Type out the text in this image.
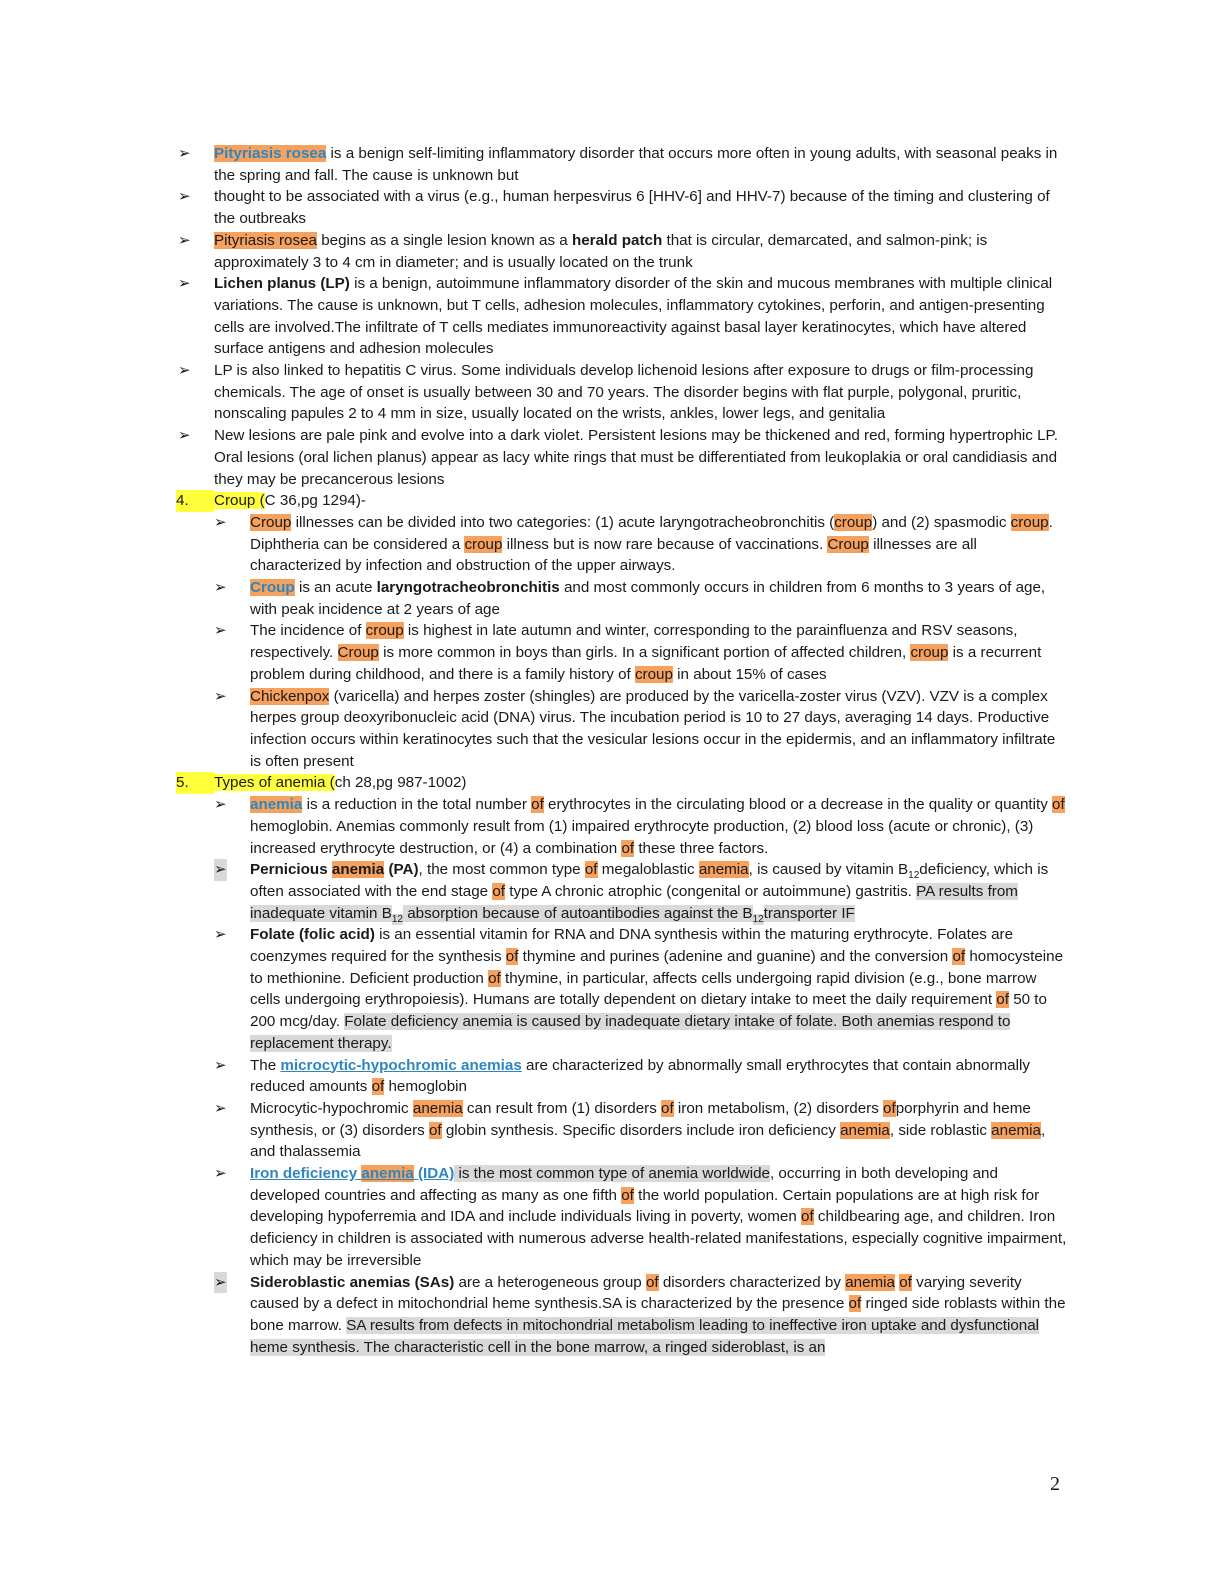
➢ Pityriasis rosea is a benign self-limiting inflammatory disorder that occurs more often in young adults, with seasonal peaks in the spring and fall. The cause is unknown but

➢ thought to be associated with a virus (e.g., human herpesvirus 6 [HHV-6] and HHV-7) because of the timing and clustering of the outbreaks

➢ Pityriasis rosea begins as a single lesion known as a herald patch that is circular, demarcated, and salmon-pink; is approximately 3 to 4 cm in diameter; and is usually located on the trunk

➢ Lichen planus (LP) is a benign, autoimmune inflammatory disorder of the skin and mucous membranes with multiple clinical variations. The cause is unknown, but T cells, adhesion molecules, inflammatory cytokines, perforin, and antigen-presenting cells are involved.The infiltrate of T cells mediates immunoreactivity against basal layer keratinocytes, which have altered surface antigens and adhesion molecules

➢ LP is also linked to hepatitis C virus. Some individuals develop lichenoid lesions after exposure to drugs or film-processing chemicals. The age of onset is usually between 30 and 70 years. The disorder begins with flat purple, polygonal, pruritic, nonscaling papules 2 to 4 mm in size, usually located on the wrists, ankles, lower legs, and genitalia

➢ New lesions are pale pink and evolve into a dark violet. Persistent lesions may be thickened and red, forming hypertrophic LP. Oral lesions (oral lichen planus) appear as lacy white rings that must be differentiated from leukoplakia or oral candidiasis and they may be precancerous lesions

4.	Croup (C 36,pg 1294)-

➢ Croup illnesses can be divided into two categories: (1) acute laryngotracheobronchitis (croup) and (2) spasmodic croup. Diphtheria can be considered a croup illness but is now rare because of vaccinations. Croup illnesses are all characterized by infection and obstruction of the upper airways.

➢ Croup is an acute laryngotracheobronchitis and most commonly occurs in children from 6 months to 3 years of age, with peak incidence at 2 years of age

➢ The incidence of croup is highest in late autumn and winter, corresponding to the parainfluenza and RSV seasons, respectively. Croup is more common in boys than girls. In a significant portion of affected children, croup is a recurrent problem during childhood, and there is a family history of croup in about 15% of cases

➢ Chickenpox (varicella) and herpes zoster (shingles) are produced by the varicella-zoster virus (VZV). VZV is a complex herpes group deoxyribonucleic acid (DNA) virus. The incubation period is 10 to 27 days, averaging 14 days. Productive infection occurs within keratinocytes such that the vesicular lesions occur in the epidermis, and an inflammatory infiltrate is often present

5.	Types of anemia (ch 28,pg 987-1002)

➢ anemia is a reduction in the total number of erythrocytes in the circulating blood or a decrease in the quality or quantity of hemoglobin. Anemias commonly result from (1) impaired erythrocyte production, (2) blood loss (acute or chronic), (3) increased erythrocyte destruction, or (4) a combination of these three factors.

➢ Pernicious anemia (PA), the most common type of megaloblastic anemia, is caused by vitamin $B_{12}deficiency$, which is often associated with the end stage of type A chronic atrophic (congenital or autoimmune) gastritis. PA results from inadequate vitamin $B_{12}$ absorption because of autoantibodies against the $B_{12}transporter$ IF

➢ Folate (folic acid) is an essential vitamin for RNA and DNA synthesis within the maturing erythrocyte. Folates are coenzymes required for the synthesis of thymine and purines (adenine and guanine) and the conversion of homocysteine to methionine. Deficient production of thymine, in particular, affects cells undergoing rapid division (e.g., bone marrow cells undergoing erythropoiesis). Humans are totally dependent on dietary intake to meet the daily requirement of 50 to 200 mcg/day. Folate deficiency anemia is caused by inadequate dietary intake of folate. Both anemias respond to replacement therapy.

➢ The microcytic-hypochromic anemias are characterized by abnormally small erythrocytes that contain abnormally reduced amounts of hemoglobin

➢ Microcytic-hypochromic anemia can result from (1) disorders of iron metabolism, (2) disorders ofporphyrin and heme synthesis, or (3) disorders of globin synthesis. Specific disorders include iron deficiency anemia, side roblastic anemia, and thalassemia

➢ Iron deficiency anemia (IDA) is the most common type of anemia worldwide, occurring in both developing and developed countries and affecting as many as one fifth of the world population. Certain populations are at high risk for developing hypoferremia and IDA and include individuals living in poverty, women of childbearing age, and children. Iron deficiency in children is associated with numerous adverse health-related manifestations, especially cognitive impairment, which may be irreversible

➢ Sideroblastic anemias (SAs) are a heterogeneous group of disorders characterized by anemia of varying severity caused by a defect in mitochondrial heme synthesis.SA is characterized by the presence of ringed side roblasts within the bone marrow. SA results from defects in mitochondrial metabolism leading to ineffective iron uptake and dysfunctional heme synthesis. The characteristic cell in the bone marrow, a ringed sideroblast, is an

2
